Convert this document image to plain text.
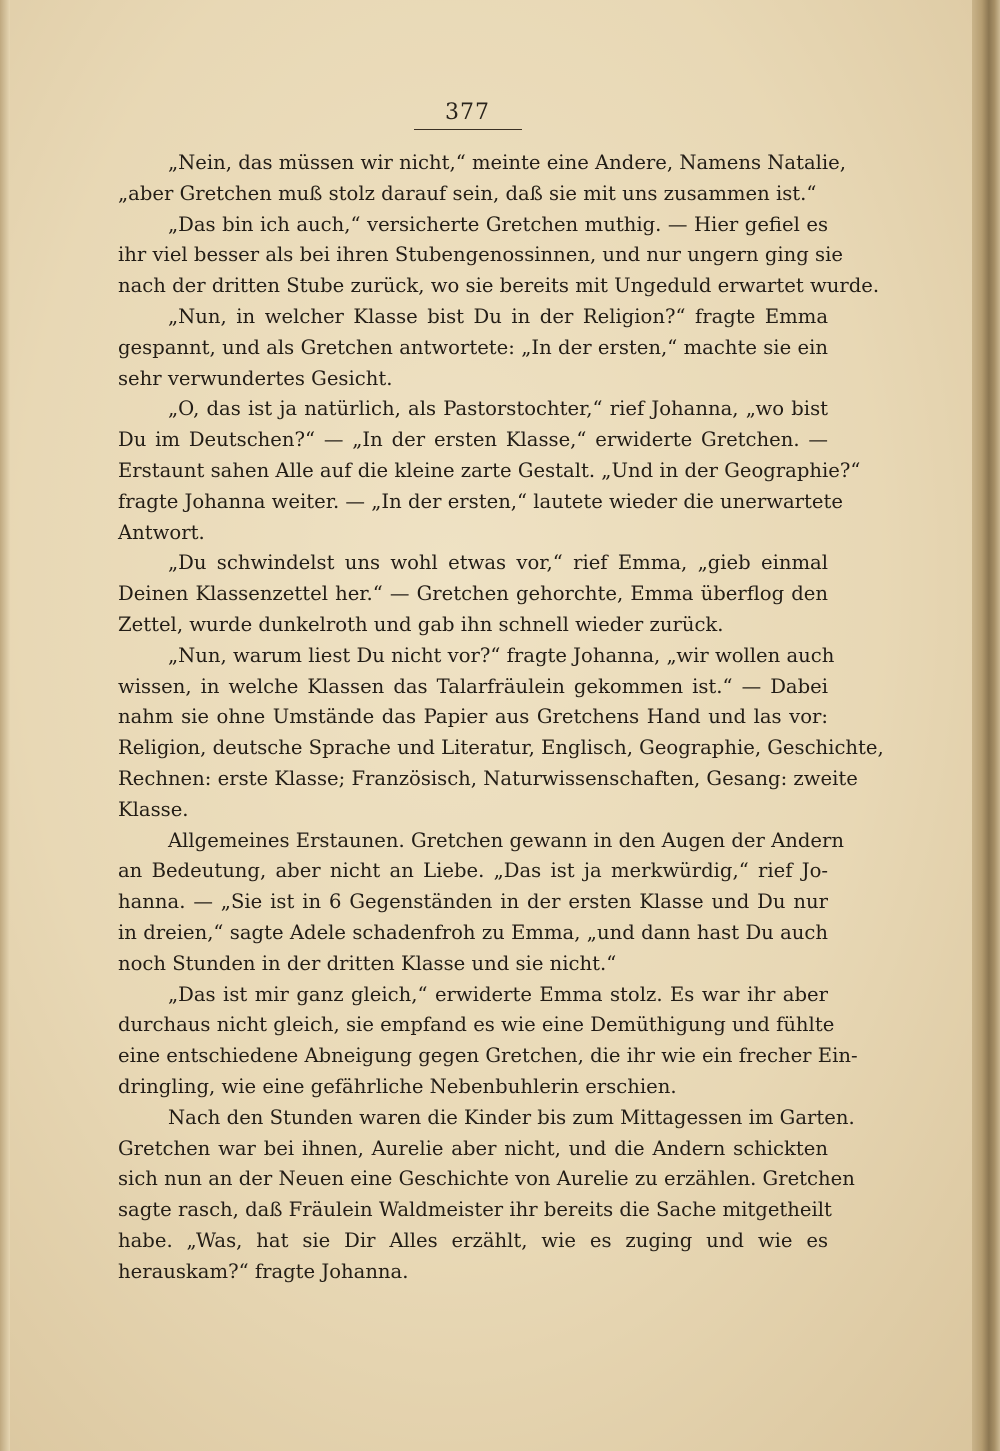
377
„Nein, das müssen wir nicht,“ meinte eine Andere, Namens Natalie,
„aber Gretchen muß stolz darauf sein, daß sie mit uns zusammen ist.“
„Das bin ich auch,“ versicherte Gretchen muthig. — Hier gefiel es
ihr viel besser als bei ihren Stubengenossinnen, und nur ungern ging sie
nach der dritten Stube zurück, wo sie bereits mit Ungeduld erwartet wurde.
„Nun, in welcher Klasse bist Du in der Religion?“ fragte Emma
gespannt, und als Gretchen antwortete: „In der ersten,“ machte sie ein
sehr verwundertes Gesicht.
„O, das ist ja natürlich, als Pastorstochter,“ rief Johanna, „wo bist
Du im Deutschen?“ — „In der ersten Klasse,“ erwiderte Gretchen. —
Erstaunt sahen Alle auf die kleine zarte Gestalt. „Und in der Geographie?“
fragte Johanna weiter. — „In der ersten,“ lautete wieder die unerwartete
Antwort.
„Du schwindelst uns wohl etwas vor,“ rief Emma, „gieb einmal
Deinen Klassenzettel her.“ — Gretchen gehorchte, Emma überflog den
Zettel, wurde dunkelroth und gab ihn schnell wieder zurück.
„Nun, warum liest Du nicht vor?“ fragte Johanna, „wir wollen auch
wissen, in welche Klassen das Talarfräulein gekommen ist.“ — Dabei
nahm sie ohne Umstände das Papier aus Gretchens Hand und las vor:
Religion, deutsche Sprache und Literatur, Englisch, Geographie, Geschichte,
Rechnen: erste Klasse; Französisch, Naturwissenschaften, Gesang: zweite
Klasse.
Allgemeines Erstaunen. Gretchen gewann in den Augen der Andern
an Bedeutung, aber nicht an Liebe. „Das ist ja merkwürdig,“ rief Jo-
hanna. — „Sie ist in 6 Gegenständen in der ersten Klasse und Du nur
in dreien,“ sagte Adele schadenfroh zu Emma, „und dann hast Du auch
noch Stunden in der dritten Klasse und sie nicht.“
„Das ist mir ganz gleich,“ erwiderte Emma stolz. Es war ihr aber
durchaus nicht gleich, sie empfand es wie eine Demüthigung und fühlte
eine entschiedene Abneigung gegen Gretchen, die ihr wie ein frecher Ein-
dringling, wie eine gefährliche Nebenbuhlerin erschien.
Nach den Stunden waren die Kinder bis zum Mittagessen im Garten.
Gretchen war bei ihnen, Aurelie aber nicht, und die Andern schickten
sich nun an der Neuen eine Geschichte von Aurelie zu erzählen. Gretchen
sagte rasch, daß Fräulein Waldmeister ihr bereits die Sache mitgetheilt
habe. „Was, hat sie Dir Alles erzählt, wie es zuging und wie es
herauskam?“ fragte Johanna.
